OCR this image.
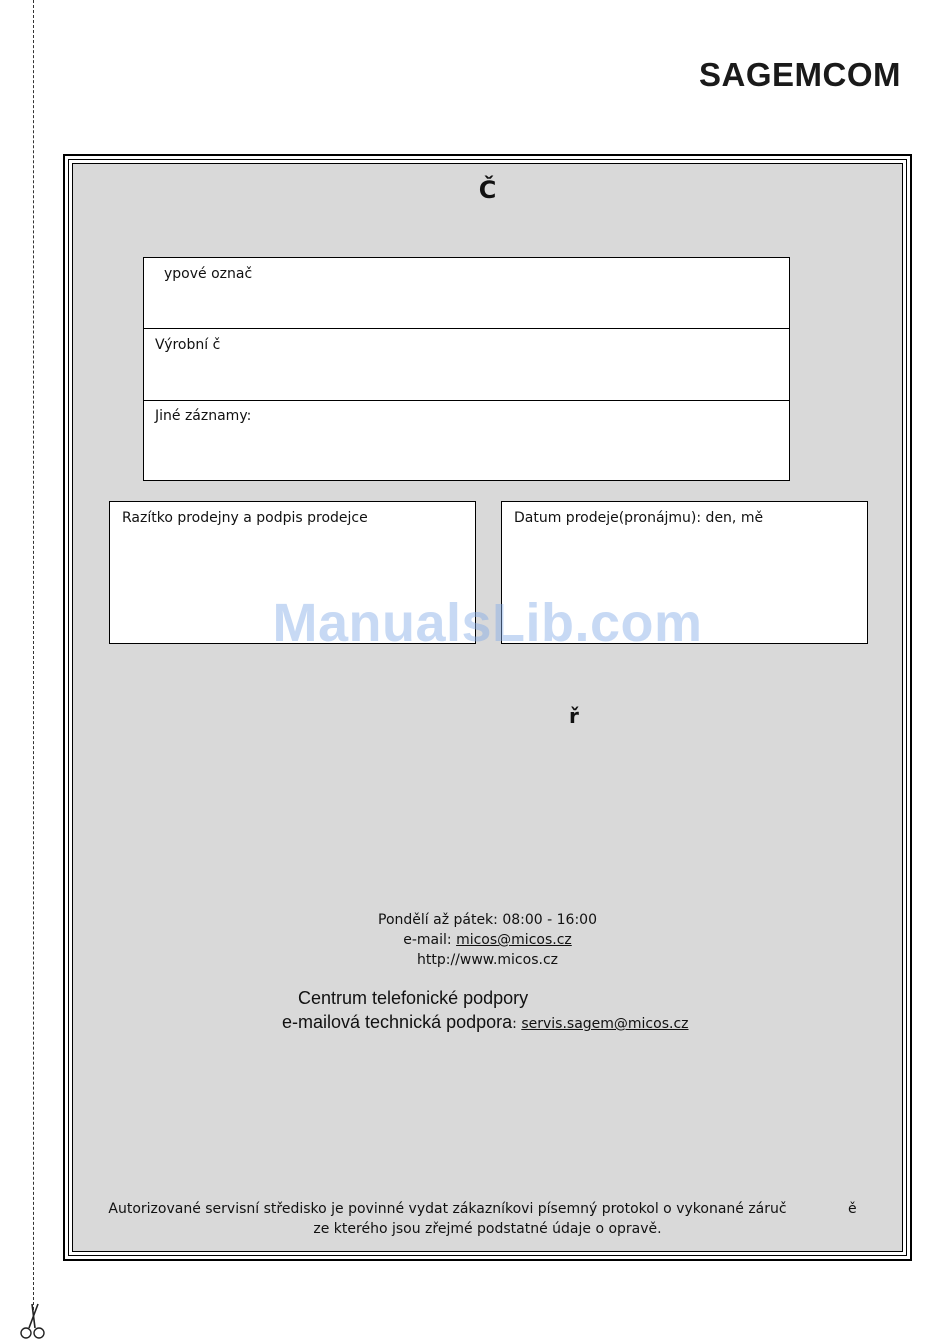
SAGEMCOM
Č
ypové označ
Výrobní č
Jiné záznamy:
Razítko prodejny a podpis prodejce	Datum prodeje(pronájmu): den, mě
ManualsLib.com
ř
Pondělí až pátek: 08:00 - 16:00
e-mail: micos@micos.cz
http://www.micos.cz
Centrum telefonické podpory
e-mailová technická podpora: servis.sagem@micos.cz
Autorizované servisní středisko je povinné vydat zákazníkovi písemný protokol o vykonané záruč	ě
ze kterého jsou zřejmé podstatné údaje o opravě.
